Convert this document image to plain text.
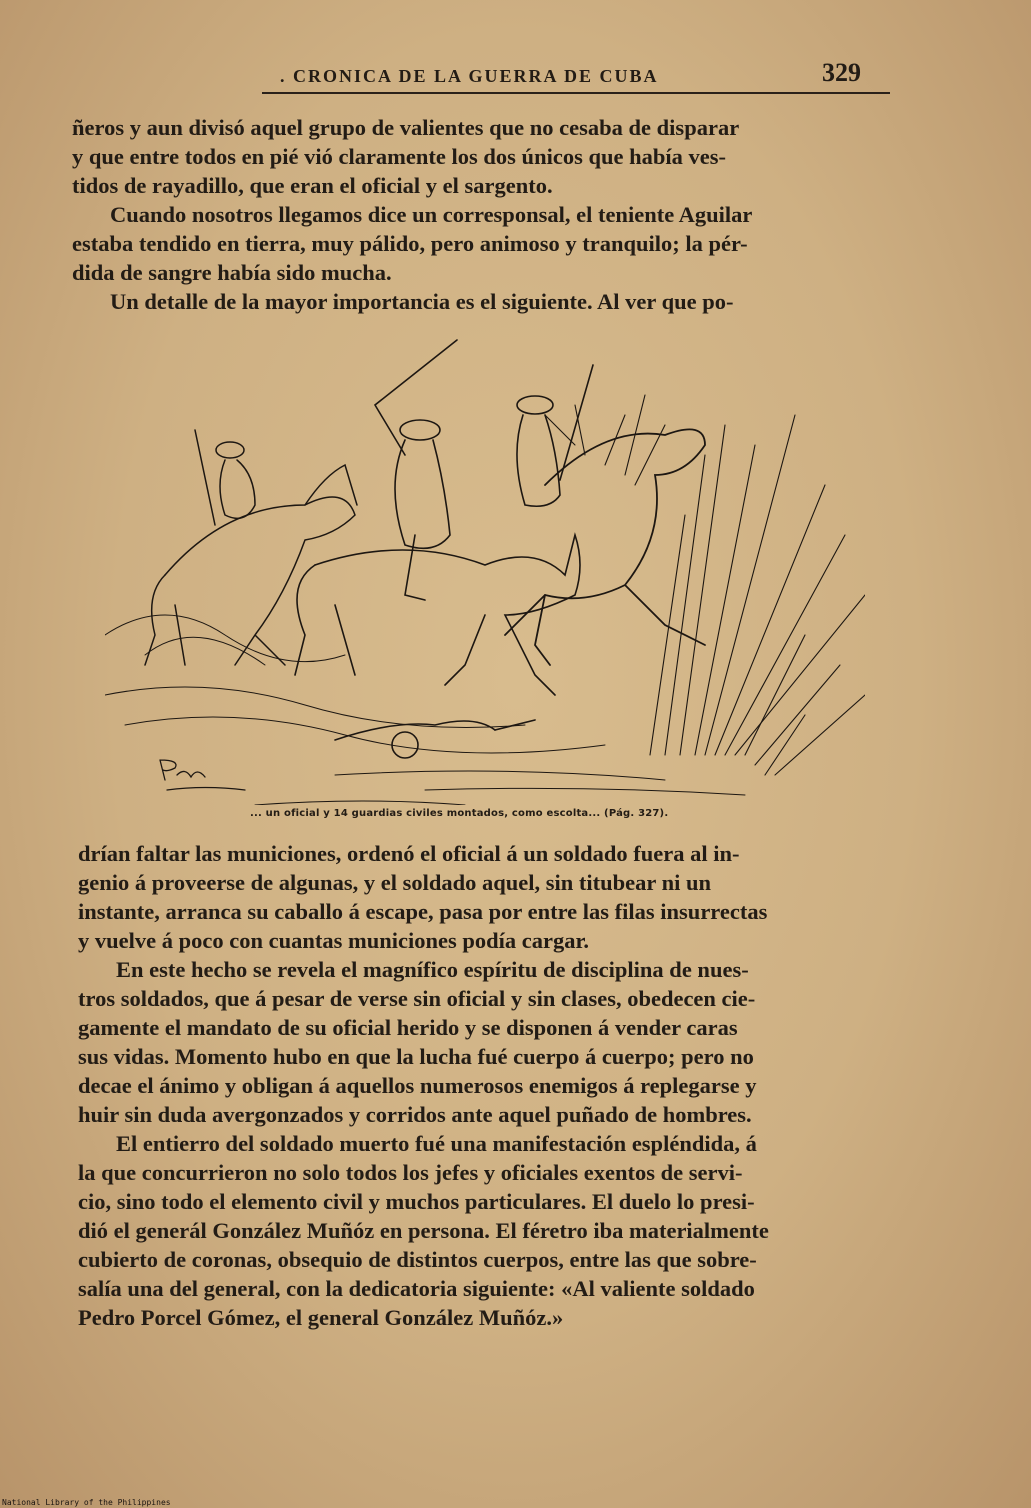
. CRONICA DE LA GUERRA DE CUBA	329

ñeros y aun divisó aquel grupo de valientes que no cesaba de disparar
y que entre todos en pié vió claramente los dos únicos que había ves-
tidos de rayadillo, que eran el oficial y el sargento.

Cuando nosotros llegamos dice un corresponsal, el teniente Aguilar
estaba tendido en tierra, muy pálido, pero animoso y tranquilo; la pér-
dida de sangre había sido mucha.

Un detalle de la mayor importancia es el siguiente. Al ver que po-

... un oficial y 14 guardias civiles montados, como escolta... (Pág. 327).

drían faltar las municiones, ordenó el oficial á un soldado fuera al in-
genio á proveerse de algunas, y el soldado aquel, sin titubear ni un
instante, arranca su caballo á escape, pasa por entre las filas insurrectas
y vuelve á poco con cuantas municiones podía cargar.

En este hecho se revela el magnífico espíritu de disciplina de nues-
tros soldados, que á pesar de verse sin oficial y sin clases, obedecen cie-
gamente el mandato de su oficial herido y se disponen á vender caras
sus vidas. Momento hubo en que la lucha fué cuerpo á cuerpo; pero no
decae el ánimo y obligan á aquellos numerosos enemigos á replegarse y
huir sin duda avergonzados y corridos ante aquel puñado de hombres.

El entierro del soldado muerto fué una manifestación espléndida, á
la que concurrieron no solo todos los jefes y oficiales exentos de servi-
cio, sino todo el elemento civil y muchos particulares. El duelo lo presi-
dió el generál González Muñóz en persona. El féretro iba materialmente
cubierto de coronas, obsequio de distintos cuerpos, entre las que sobre-
salía una del general, con la dedicatoria siguiente: «Al valiente soldado
Pedro Porcel Gómez, el general González Muñóz.»

National Library of the Philippines
